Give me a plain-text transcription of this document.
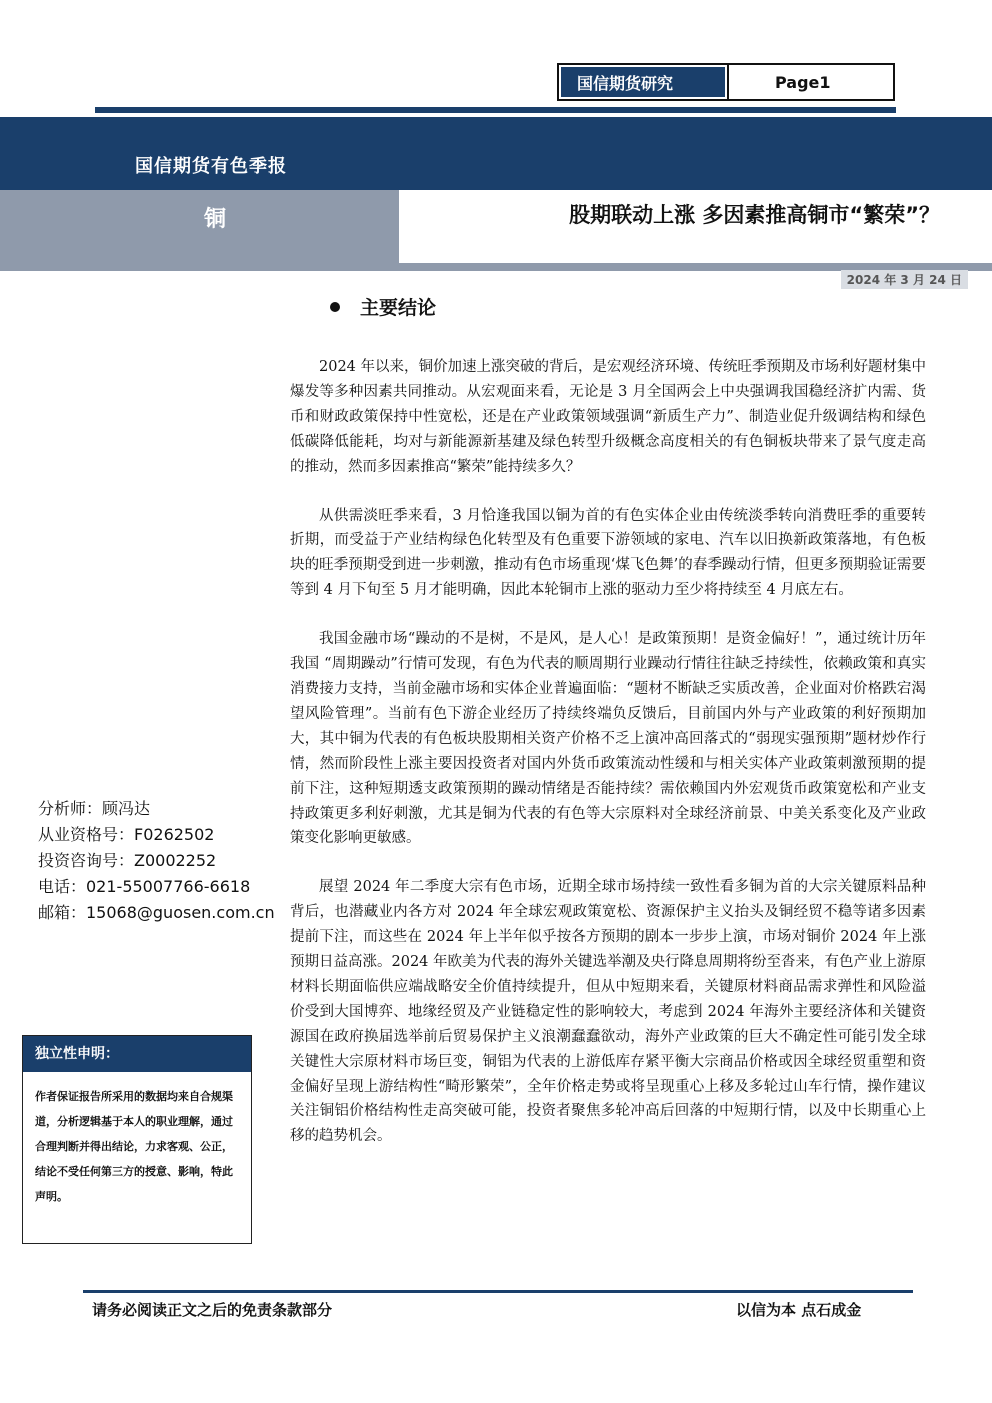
国信期货研究	Page1
国信期货有色季报
铜	股期联动上涨 多因素推高铜市“繁荣”？
2024 年 3 月 24 日
主要结论

2024 年以来，铜价加速上涨突破的背后，是宏观经济环境、传统旺季预期及市场利好题材集中爆发等多种因素共同推动。从宏观面来看，无论是 3 月全国两会上中央强调我国稳经济扩内需、货币和财政政策保持中性宽松，还是在产业政策领域强调“新质生产力”、制造业促升级调结构和绿色低碳降低能耗，均对与新能源新基建及绿色转型升级概念高度相关的有色铜板块带来了景气度走高的推动，然而多因素推高“繁荣”能持续多久？

从供需淡旺季来看，3 月恰逢我国以铜为首的有色实体企业由传统淡季转向消费旺季的重要转折期，而受益于产业结构绿色化转型及有色重要下游领域的家电、汽车以旧换新政策落地，有色板块的旺季预期受到进一步刺激，推动有色市场重现‘煤飞色舞’的春季躁动行情，但更多预期验证需要等到 4 月下旬至 5 月才能明确，因此本轮铜市上涨的驱动力至少将持续至 4 月底左右。

我国金融市场“躁动的不是树，不是风，是人心！是政策预期！是资金偏好！”，通过统计历年我国 “周期躁动”行情可发现，有色为代表的顺周期行业躁动行情往往缺乏持续性，依赖政策和真实消费接力支持，当前金融市场和实体企业普遍面临：“题材不断缺乏实质改善，企业面对价格跌宕渴望风险管理”。当前有色下游企业经历了持续终端负反馈后，目前国内外与产业政策的利好预期加大，其中铜为代表的有色板块股期相关资产价格不乏上演冲高回落式的“弱现实强预期”题材炒作行情，然而阶段性上涨主要因投资者对国内外货币政策流动性缓和与相关实体产业政策刺激预期的提前下注，这种短期透支政策预期的躁动情绪是否能持续？需依赖国内外宏观货币政策宽松和产业支持政策更多利好刺激，尤其是铜为代表的有色等大宗原料对全球经济前景、中美关系变化及产业政策变化影响更敏感。

展望 2024 年二季度大宗有色市场，近期全球市场持续一致性看多铜为首的大宗关键原料品种背后，也潜藏业内各方对 2024 年全球宏观政策宽松、资源保护主义抬头及铜经贸不稳等诸多因素提前下注，而这些在 2024 年上半年似乎按各方预期的剧本一步步上演，市场对铜价 2024 年上涨预期日益高涨。2024 年欧美为代表的海外关键选举潮及央行降息周期将纷至沓来，有色产业上游原材料长期面临供应端战略安全价值持续提升，但从中短期来看，关键原材料商品需求弹性和风险溢价受到大国博弈、地缘经贸及产业链稳定性的影响较大，考虑到 2024 年海外主要经济体和关键资源国在政府换届选举前后贸易保护主义浪潮蠢蠢欲动，海外产业政策的巨大不确定性可能引发全球关键性大宗原材料市场巨变，铜铝为代表的上游低库存紧平衡大宗商品价格或因全球经贸重塑和资金偏好呈现上游结构性“畸形繁荣”，全年价格走势或将呈现重心上移及多轮过山车行情，操作建议关注铜铝价格结构性走高突破可能，投资者聚焦多轮冲高后回落的中短期行情，以及中长期重心上移的趋势机会。

分析师：顾冯达
从业资格号：F0262502
投资咨询号：Z0002252
电话：021-55007766-6618
邮箱：15068@guosen.com.cn
独立性申明：
作者保证报告所采用的数据均来自合规渠道，分析逻辑基于本人的职业理解，通过合理判断并得出结论，力求客观、公正，结论不受任何第三方的授意、影响，特此声明。
请务必阅读正文之后的免责条款部分	以信为本 点石成金
